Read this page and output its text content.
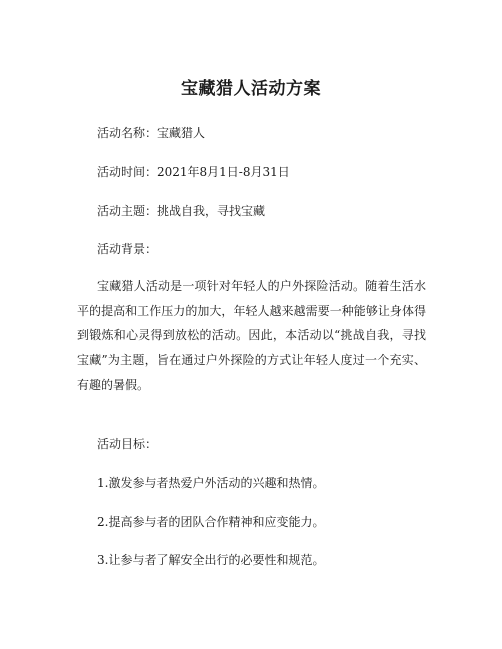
宝藏猎人活动方案
活动名称：宝藏猎人
活动时间：2021年8月1日-8月31日
活动主题：挑战自我，寻找宝藏
活动背景：
宝藏猎人活动是一项针对年轻人的户外探险活动。随着生活水平的提高和工作压力的加大，年轻人越来越需要一种能够让身体得到锻炼和心灵得到放松的活动。因此，本活动以“挑战自我，寻找宝藏”为主题，旨在通过户外探险的方式让年轻人度过一个充实、有趣的暑假。
活动目标：
1.激发参与者热爱户外活动的兴趣和热情。
2.提高参与者的团队合作精神和应变能力。
3.让参与者了解安全出行的必要性和规范。
